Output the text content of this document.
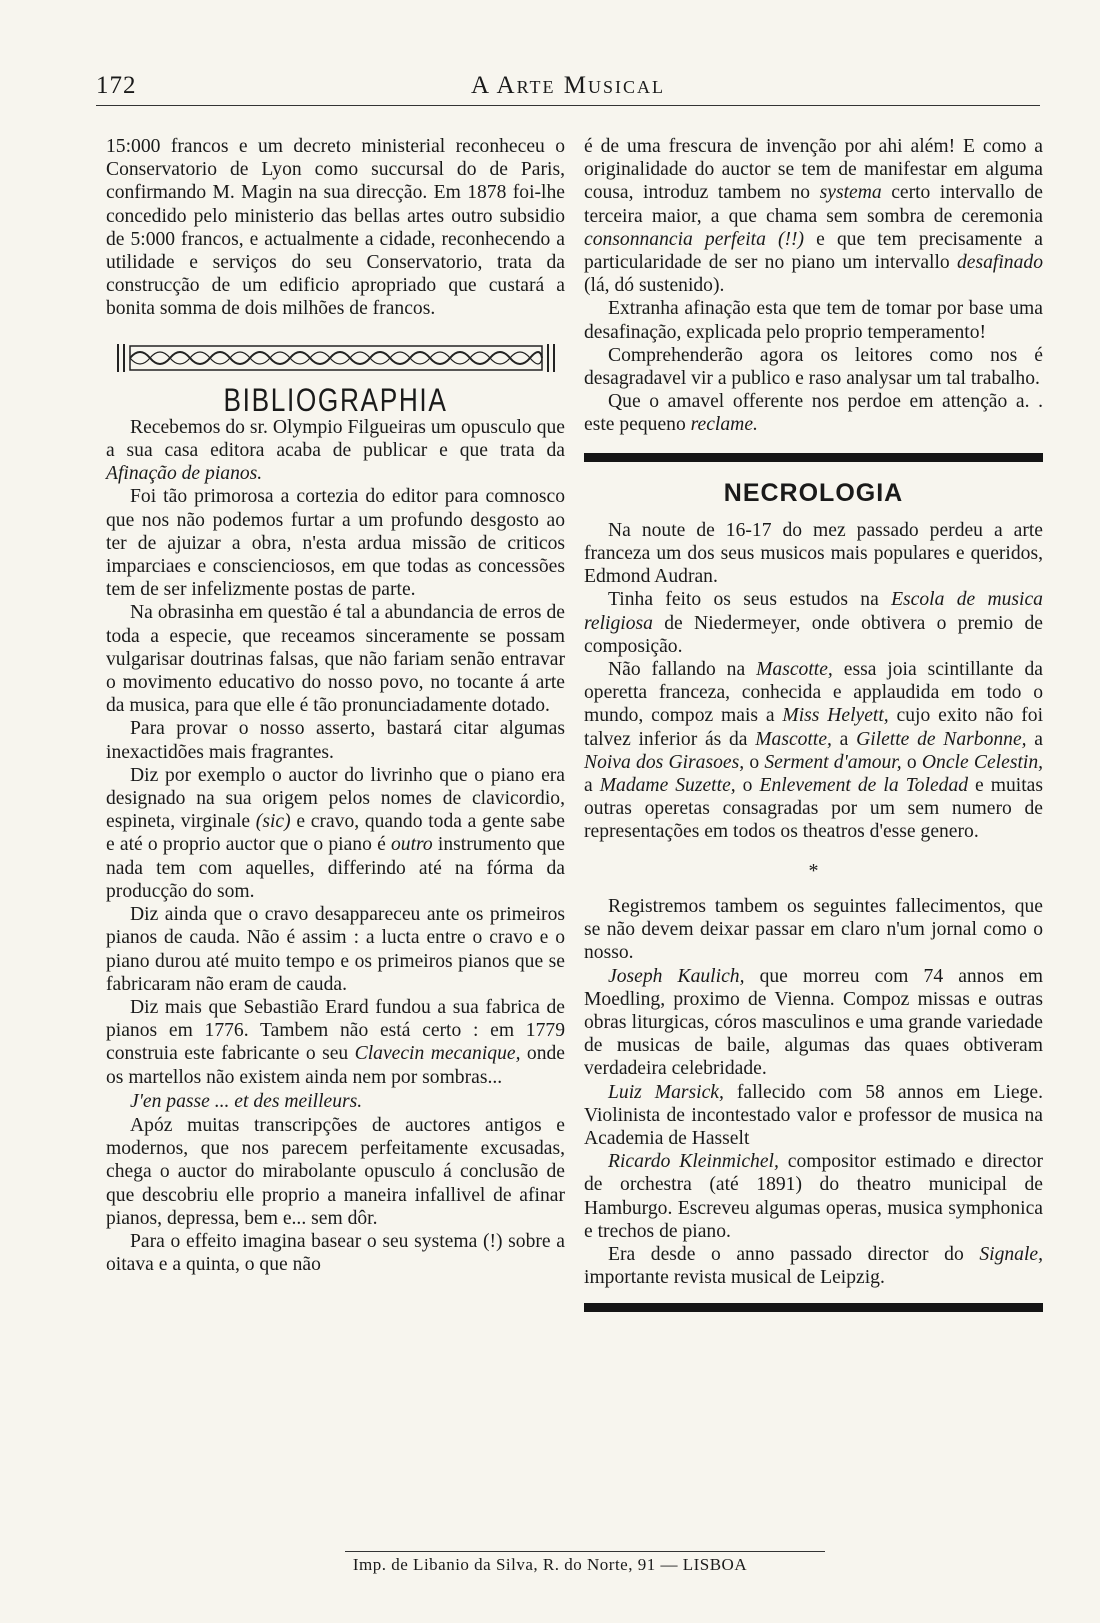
172	A Arte Musical

15:000 francos e um decreto ministerial reconheceu o Conservatorio de Lyon como succursal do de Paris, confirmando M. Magin na sua direcção. Em 1878 foi-lhe concedido pelo ministerio das bellas artes outro subsidio de 5:000 francos, e actualmente a cidade, reconhecendo a utilidade e serviços do seu Conservatorio, trata da construcção de um edificio apropriado que custará a bonita somma de dois milhões de francos.

BIBLIOGRAPHIA

Recebemos do sr. Olympio Filgueiras um opusculo que a sua casa editora acaba de publicar e que trata da Afinação de pianos.

Foi tão primorosa a cortezia do editor para comnosco que nos não podemos furtar a um profundo desgosto ao ter de ajuizar a obra, n'esta ardua missão de criticos imparciaes e conscienciosos, em que todas as concessões tem de ser infelizmente postas de parte.

Na obrasinha em questão é tal a abundancia de erros de toda a especie, que receamos sinceramente se possam vulgarisar doutrinas falsas, que não fariam senão entravar o movimento educativo do nosso povo, no tocante á arte da musica, para que elle é tão pronunciadamente dotado.

Para provar o nosso asserto, bastará citar algumas inexactidões mais fragrantes.

Diz por exemplo o auctor do livrinho que o piano era designado na sua origem pelos nomes de clavicordio, espineta, virginale (sic) e cravo, quando toda a gente sabe e até o proprio auctor que o piano é outro instrumento que nada tem com aquelles, differindo até na fórma da producção do som.

Diz ainda que o cravo desappareceu ante os primeiros pianos de cauda. Não é assim : a lucta entre o cravo e o piano durou até muito tempo e os primeiros pianos que se fabricaram não eram de cauda.

Diz mais que Sebastião Erard fundou a sua fabrica de pianos em 1776. Tambem não está certo : em 1779 construia este fabricante o seu Clavecin mecanique, onde os martellos não existem ainda nem por sombras...

J'en passe ... et des meilleurs.

Apóz muitas transcripções de auctores antigos e modernos, que nos parecem perfeitamente excusadas, chega o auctor do mirabolante opusculo á conclusão de que descobriu elle proprio a maneira infallivel de afinar pianos, depressa, bem e... sem dôr.

Para o effeito imagina basear o seu systema (!) sobre a oitava e a quinta, o que não

é de uma frescura de invenção por ahi além! E como a originalidade do auctor se tem de manifestar em alguma cousa, introduz tambem no systema certo intervallo de terceira maior, a que chama sem sombra de ceremonia consonnancia perfeita (!!) e que tem precisamente a particularidade de ser no piano um intervallo desafinado (lá, dó sustenido).

Extranha afinação esta que tem de tomar por base uma desafinação, explicada pelo proprio temperamento!

Comprehenderão agora os leitores como nos é desagradavel vir a publico e raso analysar um tal trabalho.

Que o amavel offerente nos perdoe em attenção a. . este pequeno reclame.

NECROLOGIA

Na noute de 16-17 do mez passado perdeu a arte franceza um dos seus musicos mais populares e queridos, Edmond Audran.

Tinha feito os seus estudos na Escola de musica religiosa de Niedermeyer, onde obtivera o premio de composição.

Não fallando na Mascotte, essa joia scintillante da operetta franceza, conhecida e applaudida em todo o mundo, compoz mais a Miss Helyett, cujo exito não foi talvez inferior ás da Mascotte, a Gilette de Narbonne, a Noiva dos Girasoes, o Serment d'amour, o Oncle Celestin, a Madame Suzette, o Enlevement de la Toledad e muitas outras operetas consagradas por um sem numero de representações em todos os theatros d'esse genero.

*

Registremos tambem os seguintes fallecimentos, que se não devem deixar passar em claro n'um jornal como o nosso.

Joseph Kaulich, que morreu com 74 annos em Moedling, proximo de Vienna. Compoz missas e outras obras liturgicas, córos masculinos e uma grande variedade de musicas de baile, algumas das quaes obtiveram verdadeira celebridade.

Luiz Marsick, fallecido com 58 annos em Liege. Violinista de incontestado valor e professor de musica na Academia de Hasselt

Ricardo Kleinmichel, compositor estimado e director de orchestra (até 1891) do theatro municipal de Hamburgo. Escreveu algumas operas, musica symphonica e trechos de piano.

Era desde o anno passado director do Signale, importante revista musical de Leipzig.

Imp. de Libanio da Silva, R. do Norte, 91 — LISBOA
